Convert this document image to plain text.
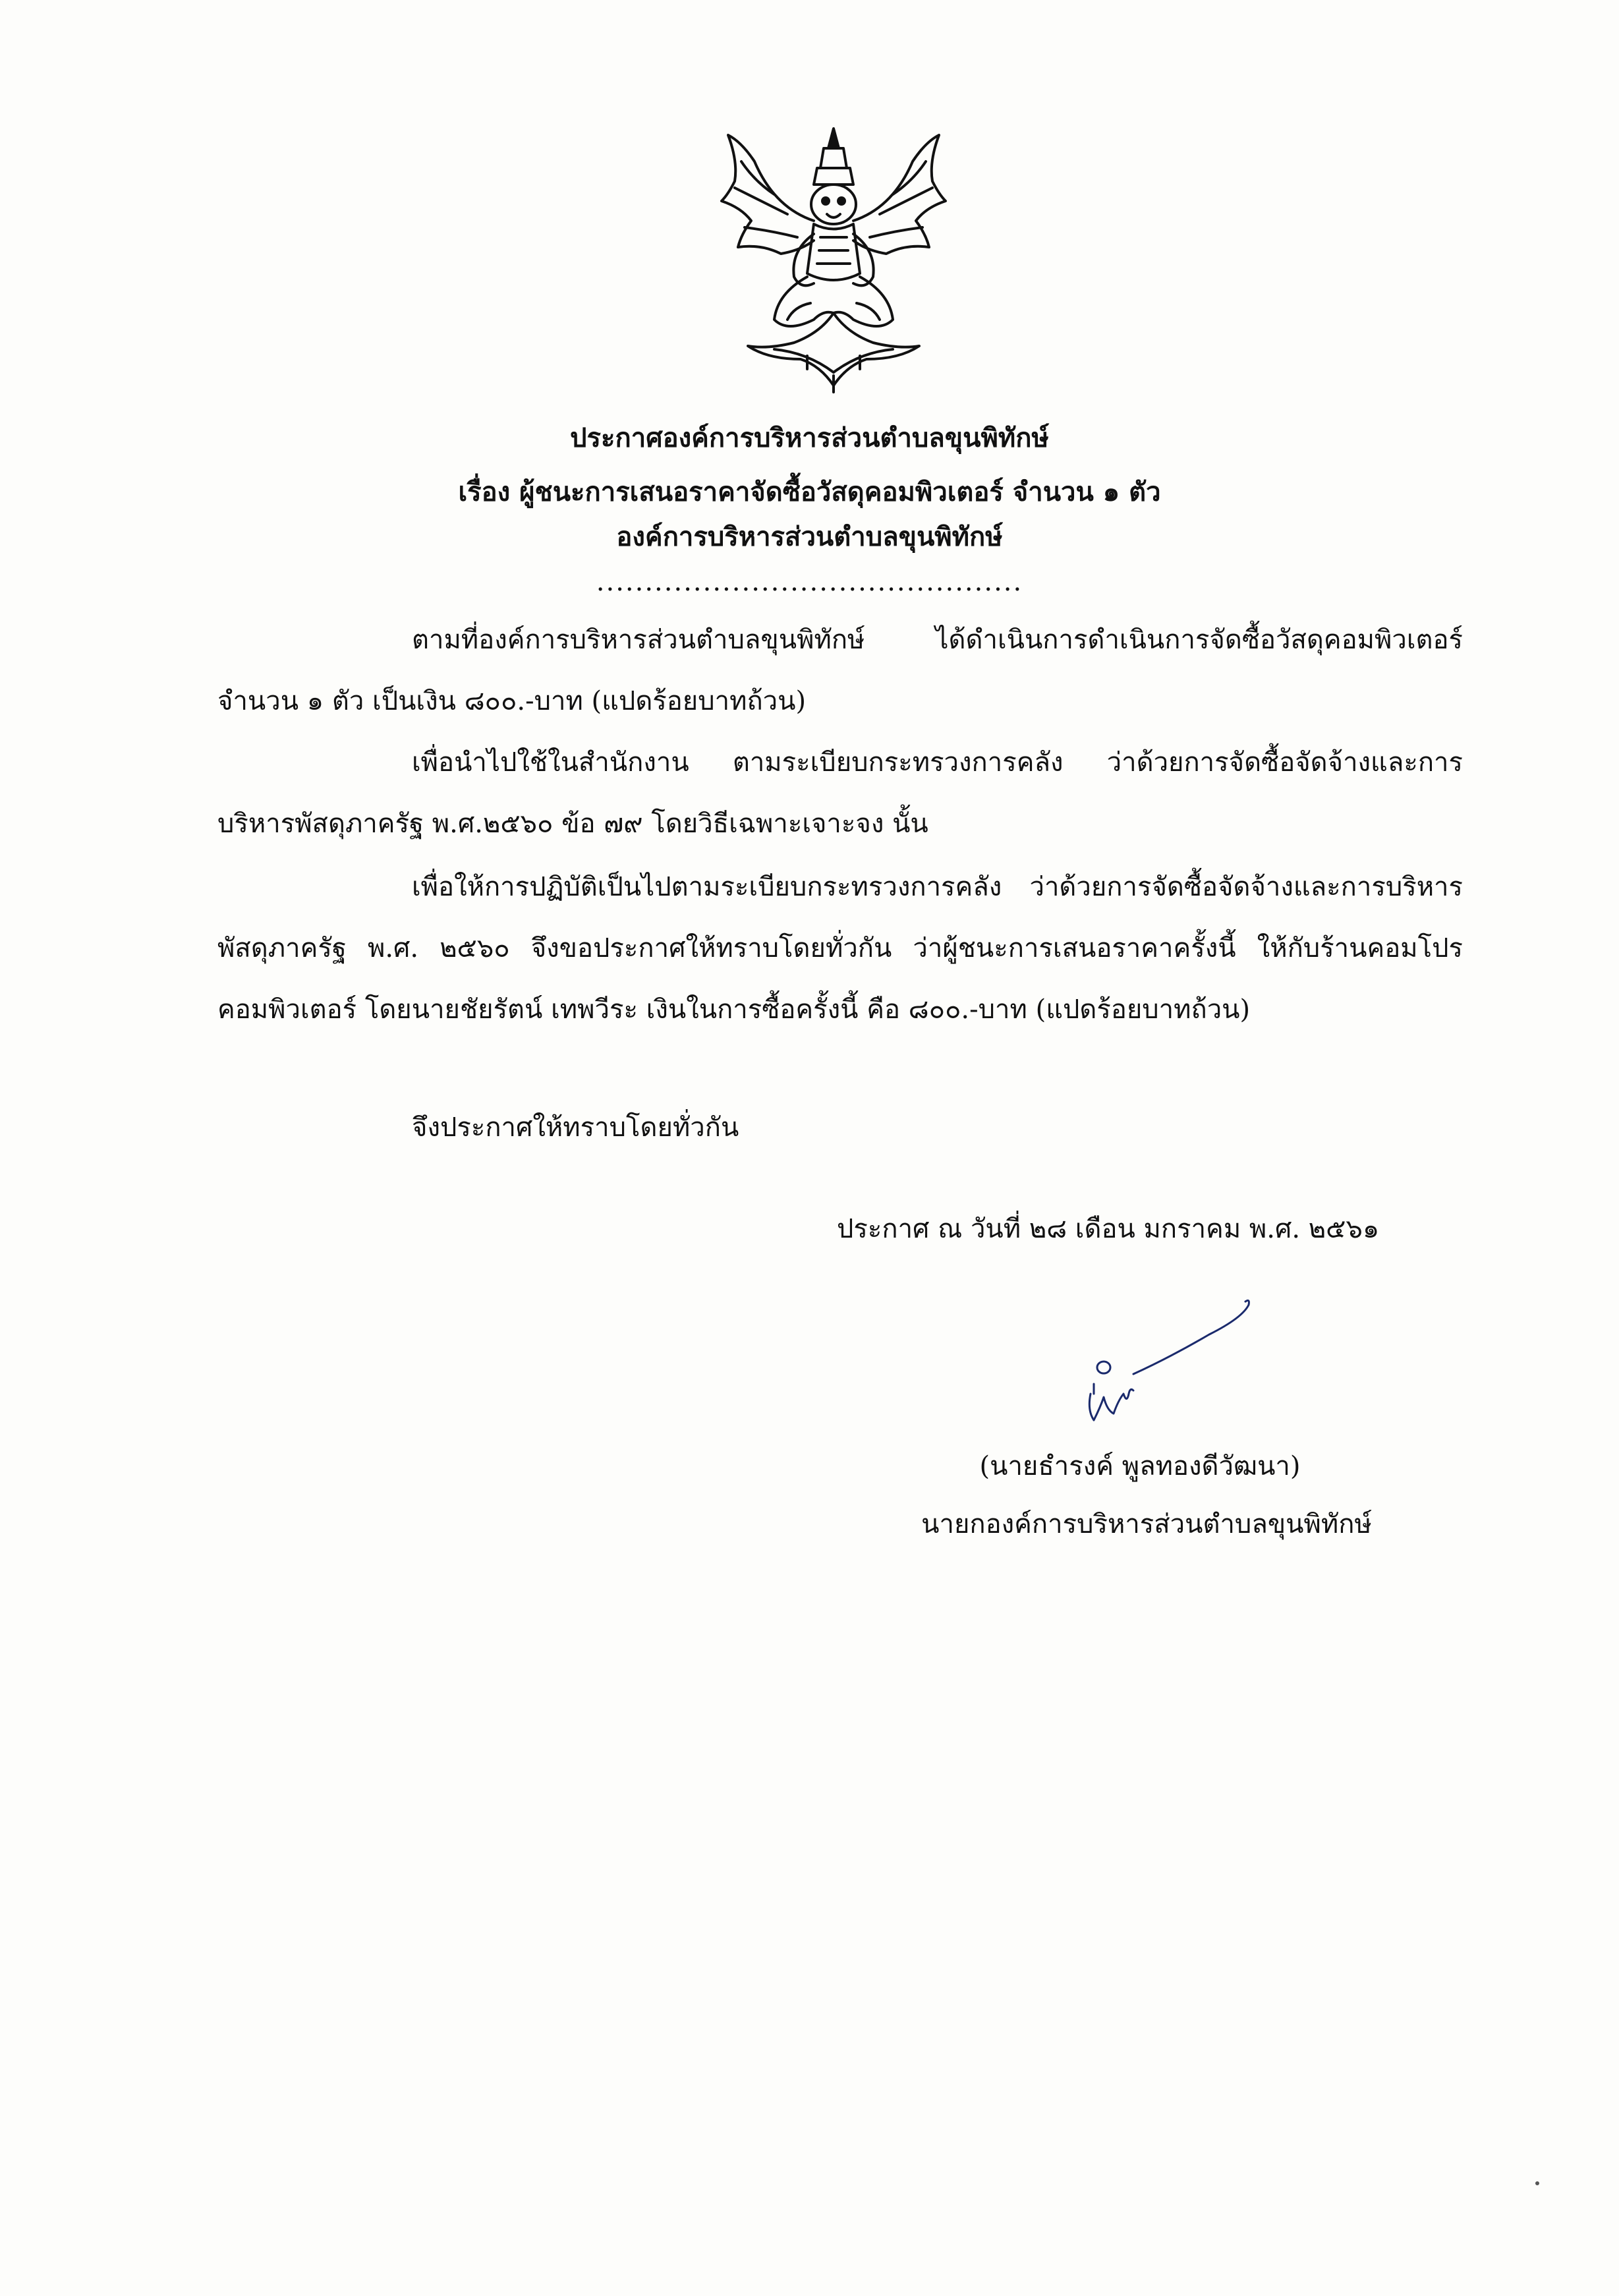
ประกาศองค์การบริหารส่วนตำบลขุนพิทักษ์
เรื่อง ผู้ชนะการเสนอราคาจัดซื้อวัสดุคอมพิวเตอร์ จำนวน ๑ ตัว
องค์การบริหารส่วนตำบลขุนพิทักษ์
............................................
ตามที่องค์การบริหารส่วนตำบลขุนพิทักษ์ ได้ดำเนินการดำเนินการจัดซื้อวัสดุคอมพิวเตอร์ จำนวน ๑ ตัว เป็นเงิน ๘๐๐.-บาท (แปดร้อยบาทถ้วน)
เพื่อนำไปใช้ในสำนักงาน ตามระเบียบกระทรวงการคลัง ว่าด้วยการจัดซื้อจัดจ้างและการบริหารพัสดุภาครัฐ พ.ศ.๒๕๖๐ ข้อ ๗๙ โดยวิธีเฉพาะเจาะจง นั้น
เพื่อให้การปฏิบัติเป็นไปตามระเบียบกระทรวงการคลัง ว่าด้วยการจัดซื้อจัดจ้างและการบริหารพัสดุภาครัฐ พ.ศ. ๒๕๖๐ จึงขอประกาศให้ทราบโดยทั่วกัน ว่าผู้ชนะการเสนอราคาครั้งนี้ ให้กับร้านคอมโปร คอมพิวเตอร์ โดยนายชัยรัตน์ เทพวีระ เงินในการซื้อครั้งนี้ คือ ๘๐๐.-บาท (แปดร้อยบาทถ้วน)
จึงประกาศให้ทราบโดยทั่วกัน
ประกาศ ณ วันที่ ๒๘ เดือน มกราคม พ.ศ. ๒๕๖๑
(นายธำรงค์ พูลทองดีวัฒนา)
นายกองค์การบริหารส่วนตำบลขุนพิทักษ์
